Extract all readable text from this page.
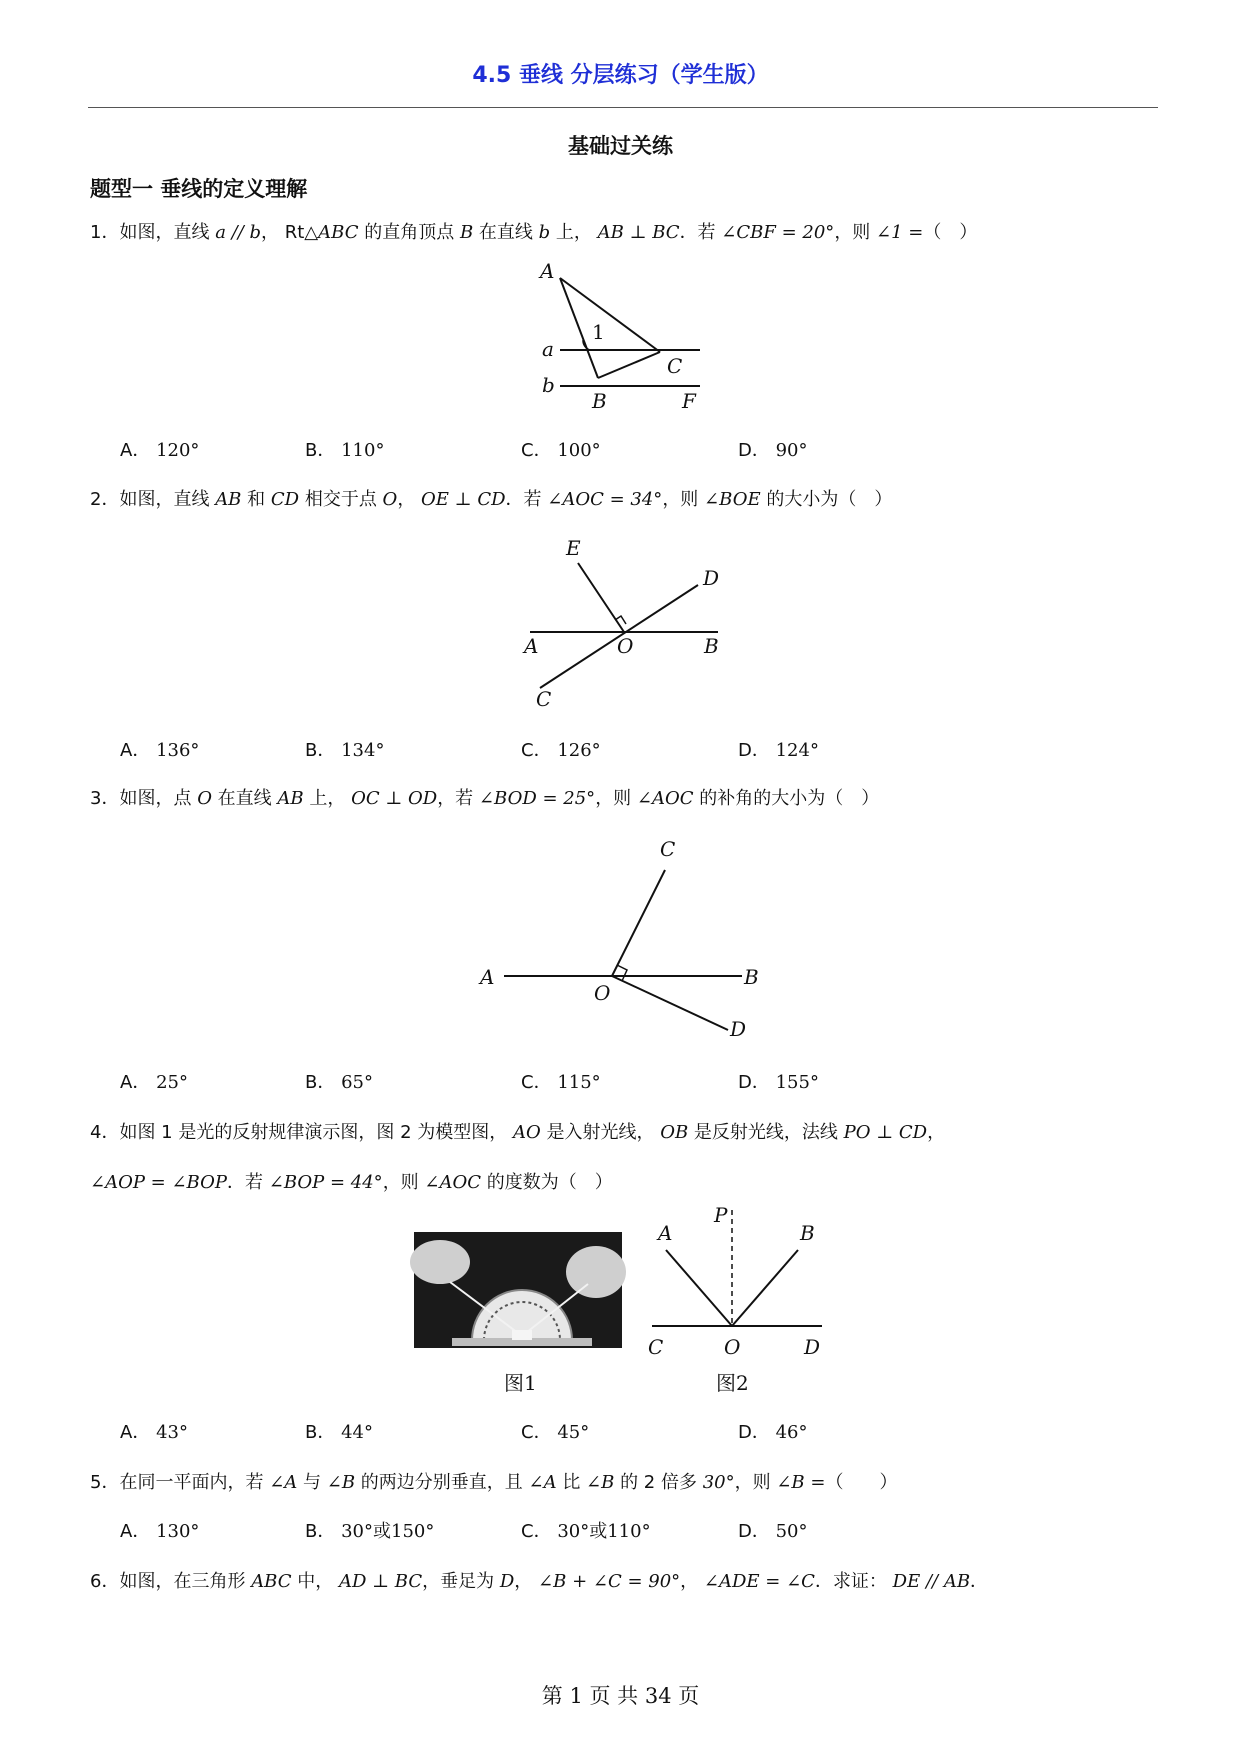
4.5 垂线 分层练习（学生版）
基础过关练
题型一 垂线的定义理解
1．如图，直线 a // b， Rt△ABC 的直角顶点 B 在直线 b 上， AB ⊥ BC．若 ∠CBF = 20°，则 ∠1 =（　）
A
1
a
C
b
B	F
A． 120°	B． 110°	C． 100°	D． 90°
2．如图，直线 AB 和 CD 相交于点 O， OE ⊥ CD．若 ∠AOC = 34°，则 ∠BOE 的大小为（　）
E
D
A	O	B
C
A． 136°	B． 134°	C． 126°	D． 124°
3．如图，点 O 在直线 AB 上， OC ⊥ OD，若 ∠BOD = 25°，则 ∠AOC 的补角的大小为（　）
C
A
O
B
D
A． 25°	B． 65°	C． 115°	D． 155°
4．如图 1 是光的反射规律演示图，图 2 为模型图， AO 是入射光线， OB 是反射光线，法线 PO ⊥ CD，
∠AOP = ∠BOP．若 ∠BOP = 44°，则 ∠AOC 的度数为（　）
P
A	B
C	O	D
图1	图2
A． 43°	B． 44°	C． 45°	D． 46°
5．在同一平面内，若 ∠A 与 ∠B 的两边分别垂直，且 ∠A 比 ∠B 的 2 倍多 30°，则 ∠B =（　　）
A． 130°	B． 30°或150°	C． 30°或110°	D． 50°
6．如图，在三角形 ABC 中， AD ⊥ BC，垂足为 D， ∠B + ∠C = 90°， ∠ADE = ∠C．求证： DE // AB．
第 1 页 共 34 页
